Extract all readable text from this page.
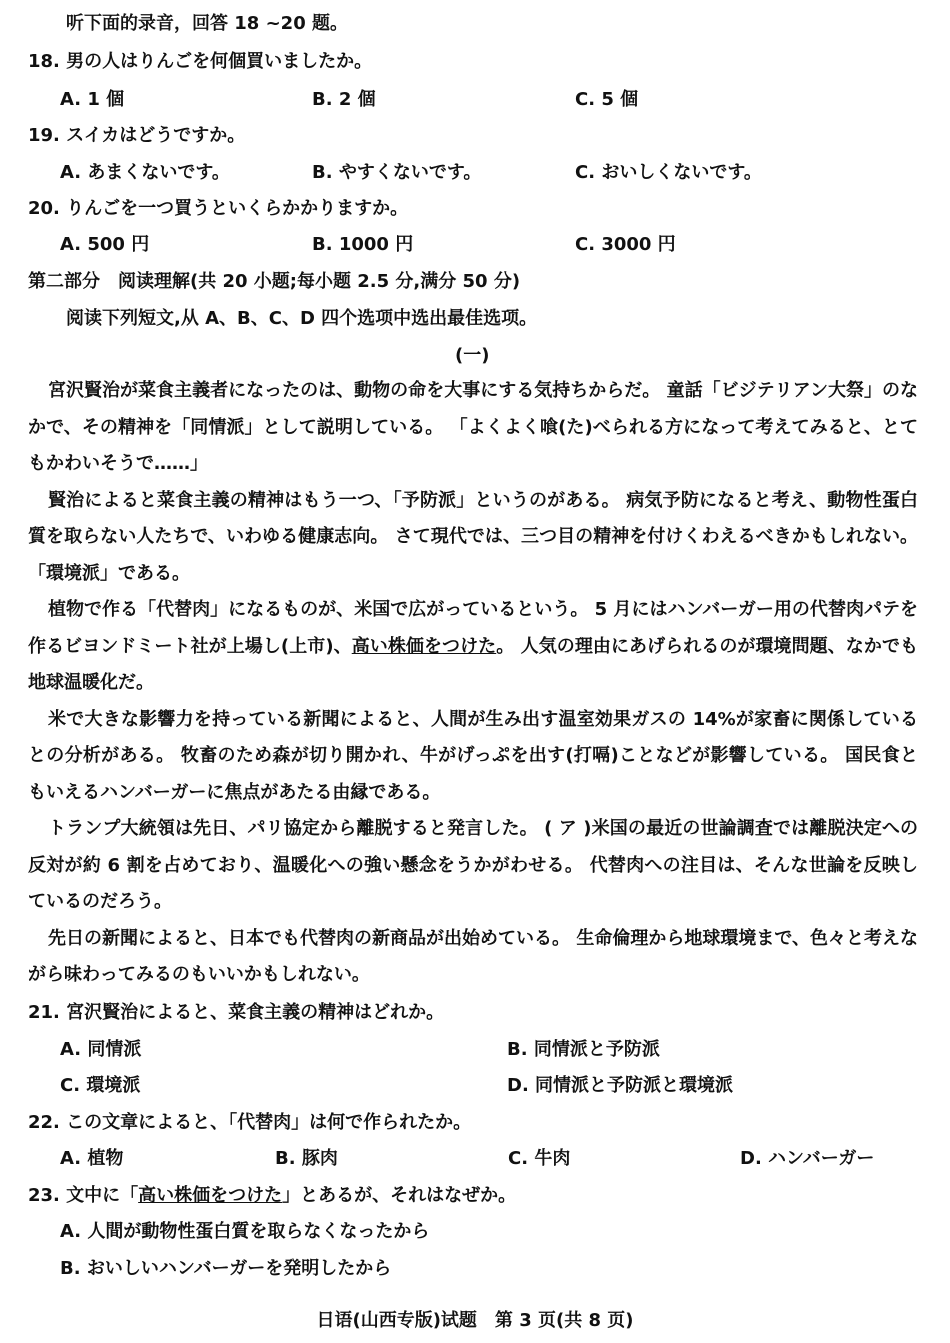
听下面的录音，回答 18 ~20 题。
18. 男の人はりんごを何個買いましたか。
A. 1 個	B. 2 個	C. 5 個
19. スイカはどうですか。
A. あまくないです。	B. やすくないです。	C. おいしくないです。
20. りんごを一つ買うといくらかかりますか。
A. 500 円	B. 1000 円	C. 3000 円
第二部分　阅读理解(共 20 小题;每小题 2.5 分,满分 50 分)
阅读下列短文,从 A、B、C、D 四个选项中选出最佳选项。
(一)

宮沢賢治が菜食主義者になったのは、動物の命を大事にする気持ちからだ。 童話「ビジテリアン大祭」のなかで、その精神を「同情派」として説明している。 「よくよく喰(た)べられる方になって考えてみると、とてもかわいそうで……」

賢治によると菜食主義の精神はもう一つ、「予防派」というのがある。 病気予防になると考え、動物性蛋白質を取らない人たちで、いわゆる健康志向。 さて現代では、三つ目の精神を付けくわえるべきかもしれない。 「環境派」である。

植物で作る「代替肉」になるものが、米国で広がっているという。 5 月にはハンバーガー用の代替肉パテを作るビヨンドミート社が上場し(上市)、高い株価をつけた。 人気の理由にあげられるのが環境問題、なかでも地球温暖化だ。

米で大きな影響力を持っている新聞によると、人間が生み出す温室効果ガスの 14%が家畜に関係しているとの分析がある。 牧畜のため森が切り開かれ、牛がげっぷを出す(打嗝)ことなどが影響している。 国民食ともいえるハンバーガーに焦点があたる由縁である。

トランプ大統領は先日、パリ協定から離脱すると発言した。 ( ア )米国の最近の世論調査では離脱決定への反対が約 6 割を占めており、温暖化への強い懸念をうかがわせる。 代替肉への注目は、そんな世論を反映しているのだろう。

先日の新聞によると、日本でも代替肉の新商品が出始めている。 生命倫理から地球環境まで、色々と考えながら味わってみるのもいいかもしれない。

21. 宮沢賢治によると、菜食主義の精神はどれか。
A. 同情派	B. 同情派と予防派
C. 環境派	D. 同情派と予防派と環境派
22. この文章によると、「代替肉」は何で作られたか。
A. 植物	B. 豚肉	C. 牛肉	D. ハンバーガー
23. 文中に「高い株価をつけた」とあるが、それはなぜか。
A. 人間が動物性蛋白質を取らなくなったから
B. おいしいハンバーガーを発明したから
日语(山西专版)试题　第 3 页(共 8 页)
